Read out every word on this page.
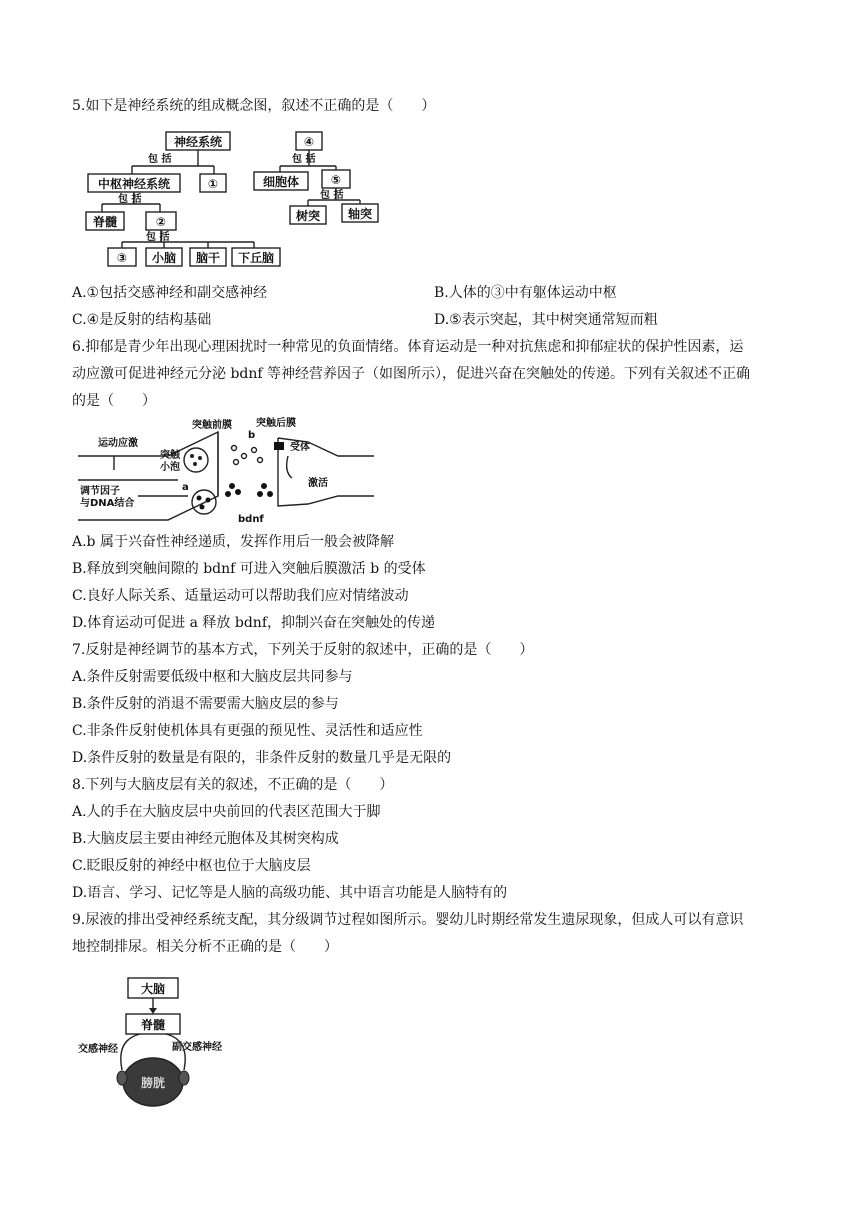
5.如下是神经系统的组成概念图，叙述不正确的是（　　）
神经系统	④
包 括	包 括
中枢神经系统	①	细胞体	⑤
包 括	包 括
脊髓	②	树突 轴突
包 括
③ 小脑 脑干 下丘脑
A.①包括交感神经和副交感神经	B.人体的③中有躯体运动中枢
C.④是反射的结构基础	D.⑤表示突起，其中树突通常短而粗
6.抑郁是青少年出现心理困扰时一种常见的负面情绪。体育运动是一种对抗焦虑和抑郁症状的保护性因素，运
动应激可促进神经元分泌 bdnf 等神经营养因子（如图所示），促进兴奋在突触处的传递。下列有关叙述不正确
的是（　　）
运动应激
突触前膜 突触后膜
突触
小泡
b
受体
激活
调节因子
与DNA结合
a
bdnf
A.b 属于兴奋性神经递质，发挥作用后一般会被降解
B.释放到突触间隙的 bdnf 可进入突触后膜激活 b 的受体
C.良好人际关系、适量运动可以帮助我们应对情绪波动
D.体育运动可促进 a 释放 bdnf，抑制兴奋在突触处的传递
7.反射是神经调节的基本方式，下列关于反射的叙述中，正确的是（　　）
A.条件反射需要低级中枢和大脑皮层共同参与
B.条件反射的消退不需要需大脑皮层的参与
C.非条件反射使机体具有更强的预见性、灵活性和适应性
D.条件反射的数量是有限的，非条件反射的数量几乎是无限的
8.下列与大脑皮层有关的叙述，不正确的是（　　）
A.人的手在大脑皮层中央前回的代表区范围大于脚
B.大脑皮层主要由神经元胞体及其树突构成
C.眨眼反射的神经中枢也位于大脑皮层
D.语言、学习、记忆等是人脑的高级功能、其中语言功能是人脑特有的
9.尿液的排出受神经系统支配，其分级调节过程如图所示。婴幼儿时期经常发生遗尿现象，但成人可以有意识
地控制排尿。相关分析不正确的是（　　）
大脑
脊髓
交感神经	副交感神经
膀胱
